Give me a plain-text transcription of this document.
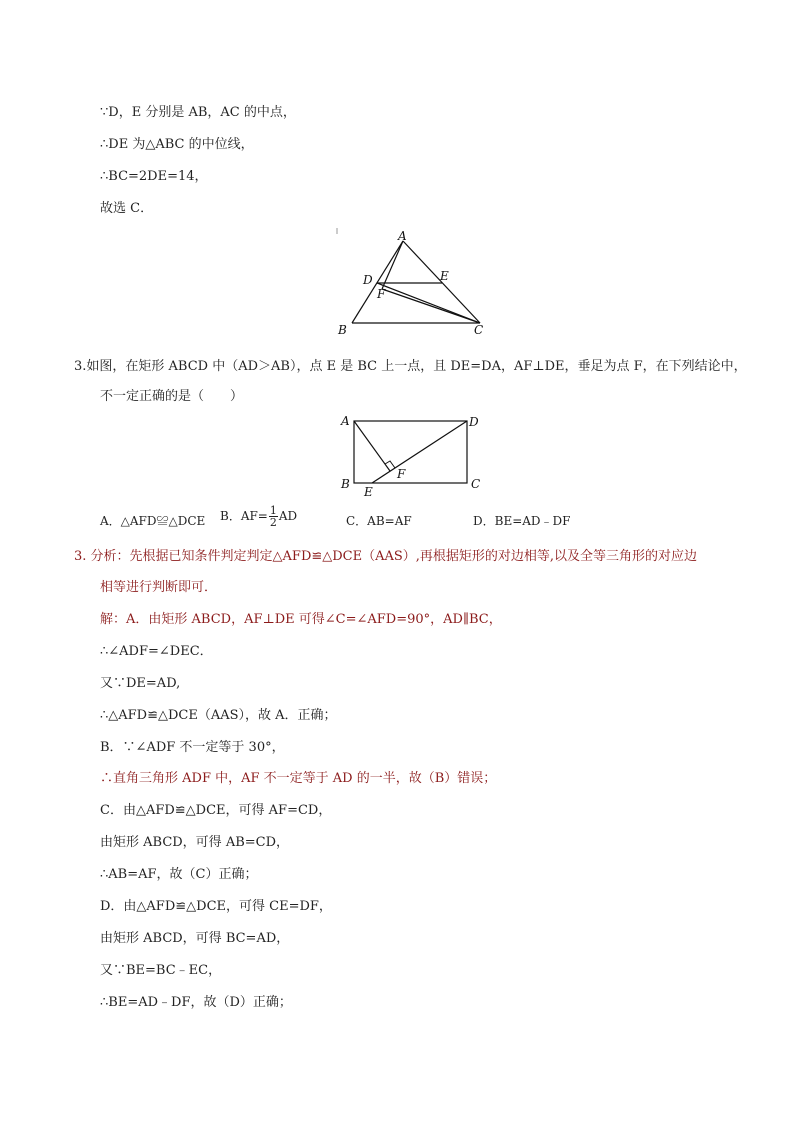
∵D，E 分别是 AB，AC 的中点，
∴DE 为△ABC 的中位线，
∴BC=2DE=14，
故选 C．
A
D	E
F
B	C
3.如图，在矩形 ABCD 中（AD＞AB），点 E 是 BC 上一点，且 DE=DA，AF⊥DE，垂足为点 F，在下列结论中，
不一定正确的是（　　）
A	D
B
E
F
C
A．△AFD≌△DCE B．$AF= \frac{1}{2}$ AD	C．AB=AF	D．BE=AD﹣DF
3. 分析：先根据已知条件判定判定△AFD≌△DCE（AAS）,再根据矩形的对边相等,以及全等三角形的对应边
相等进行判断即可．
解：A．由矩形 ABCD，AF⊥DE 可得∠C=∠AFD=90°，AD∥BC，
∴∠ADF=∠DEC．
又∵DE=AD,
∴△AFD≌△DCE（AAS），故 A．正确；
B．∵∠ADF 不一定等于 30°，
∴直角三角形 ADF 中，AF 不一定等于 AD 的一半，故（B）错误；
C．由△AFD≌△DCE，可得 AF=CD，
由矩形 ABCD，可得 AB=CD，
∴AB=AF，故（C）正确；
D．由△AFD≌△DCE，可得 CE=DF，
由矩形 ABCD，可得 BC=AD，
又∵BE=BC﹣EC，
∴BE=AD﹣DF，故（D）正确；
